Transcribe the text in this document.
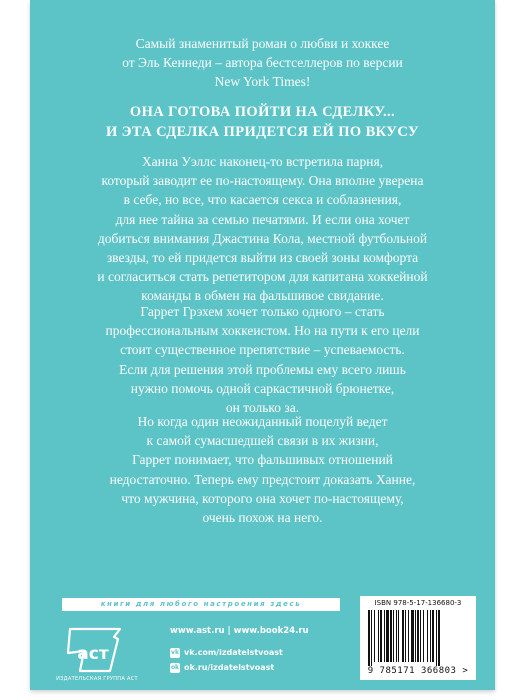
Самый знаменитый роман о любви и хоккее
от Эль Кеннеди – автора бестселлеров по версии
New York Times!
ОНА ГОТОВА ПОЙТИ НА СДЕЛКУ...
И ЭТА СДЕЛКА ПРИДЕТСЯ ЕЙ ПО ВКУСУ
Ханна Уэллс наконец-то встретила парня,
который заводит ее по-настоящему. Она вполне уверена
в себе, но все, что касается секса и соблазнения,
для нее тайна за семью печатями. И если она хочет
добиться внимания Джастина Кола, местной футбольной
звезды, то ей придется выйти из своей зоны комфорта
и согласиться стать репетитором для капитана хоккейной
команды в обмен на фальшивое свидание.
Гаррет Грэхем хочет только одного – стать
профессиональным хоккеистом. Но на пути к его цели
стоит существенное препятствие – успеваемость.
Если для решения этой проблемы ему всего лишь
нужно помочь одной саркастичной брюнетке,
он только за.
Но когда один неожиданный поцелуй ведет
к самой сумасшедшей связи в их жизни,
Гаррет понимает, что фальшивых отношений
недостаточно. Теперь ему предстоит доказать Ханне,
что мужчина, которого она хочет по-настоящему,
очень похож на него.
книги для любого настроения здесь
аст
ИЗДАТЕЛЬСКАЯ ГРУППА АСТ
www.ast.ru | www.book24.ru
vk vk.com/izdatelstvoast
ok ok.ru/izdatelstvoast
ISBN 978-5-17-136680-3
9 785171 366803 >
